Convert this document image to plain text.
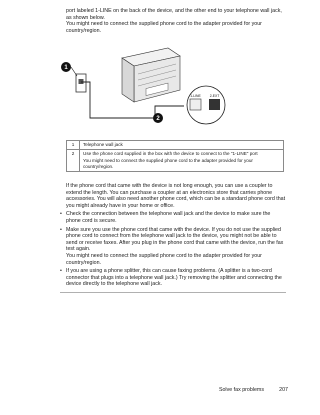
port labeled 1-LINE on the back of the device, and the other end to your telephone wall jack, as shown below.

You might need to connect the supplied phone cord to the adapter provided for your country/region.

1
1-LINE	2-EXT
2
1	Telephone wall jack

2	Use the phone cord supplied in the box with the device to connect to the "1-LINE" port

You might need to connect the supplied phone cord to the adapter provided for your country/region.

If the phone cord that came with the device is not long enough, you can use a coupler to extend the length. You can purchase a coupler at an electronics store that carries phone accessories. You will also need another phone cord, which can be a standard phone cord that you might already have in your home or office.

• Check the connection between the telephone wall jack and the device to make sure the phone cord is secure.
• Make sure you use the phone cord that came with the device. If you do not use the supplied phone cord to connect from the telephone wall jack to the device, you might not be able to send or receive faxes. After you plug in the phone cord that came with the device, run the fax test again.
You might need to connect the supplied phone cord to the adapter provided for your country/region.
• If you are using a phone splitter, this can cause faxing problems. (A splitter is a two-cord connector that plugs into a telephone wall jack.) Try removing the splitter and connecting the device directly to the telephone wall jack.
Solve fax problems	207
